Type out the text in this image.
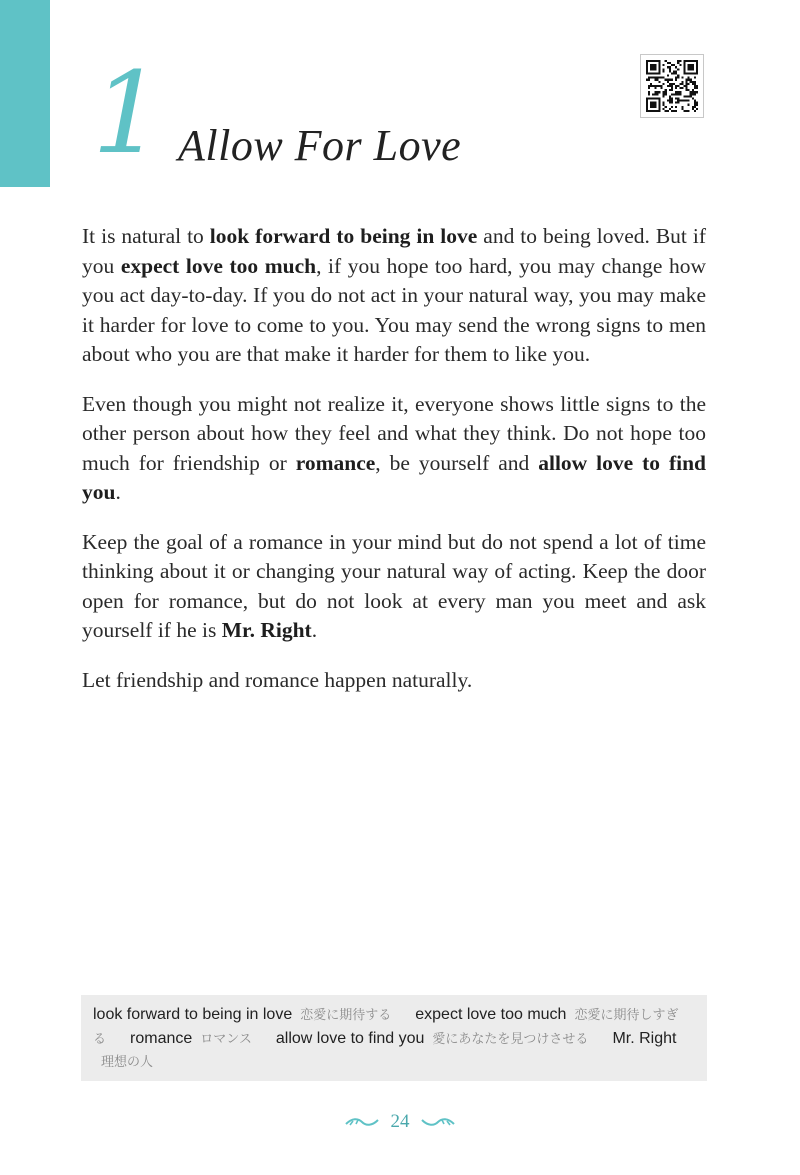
1 Allow For Love

It is natural to look forward to being in love and to being loved. But if you expect love too much, if you hope too hard, you may change how you act day-to-day. If you do not act in your natural way, you may make it harder for love to come to you. You may send the wrong signs to men about who you are that make it harder for them to like you.

Even though you might not realize it, everyone shows little signs to the other person about how they feel and what they think. Do not hope too much for friendship or romance, be yourself and allow love to find you.

Keep the goal of a romance in your mind but do not spend a lot of time thinking about it or changing your natural way of acting. Keep the door open for romance, but do not look at every man you meet and ask yourself if he is Mr. Right.

Let friendship and romance happen naturally.

look forward to being in love 恋愛に期待する expect love too much 恋愛に期待しすぎる romance ロマンス allow love to find you 愛にあなたを見つけさせる Mr. Right理想の人
24
